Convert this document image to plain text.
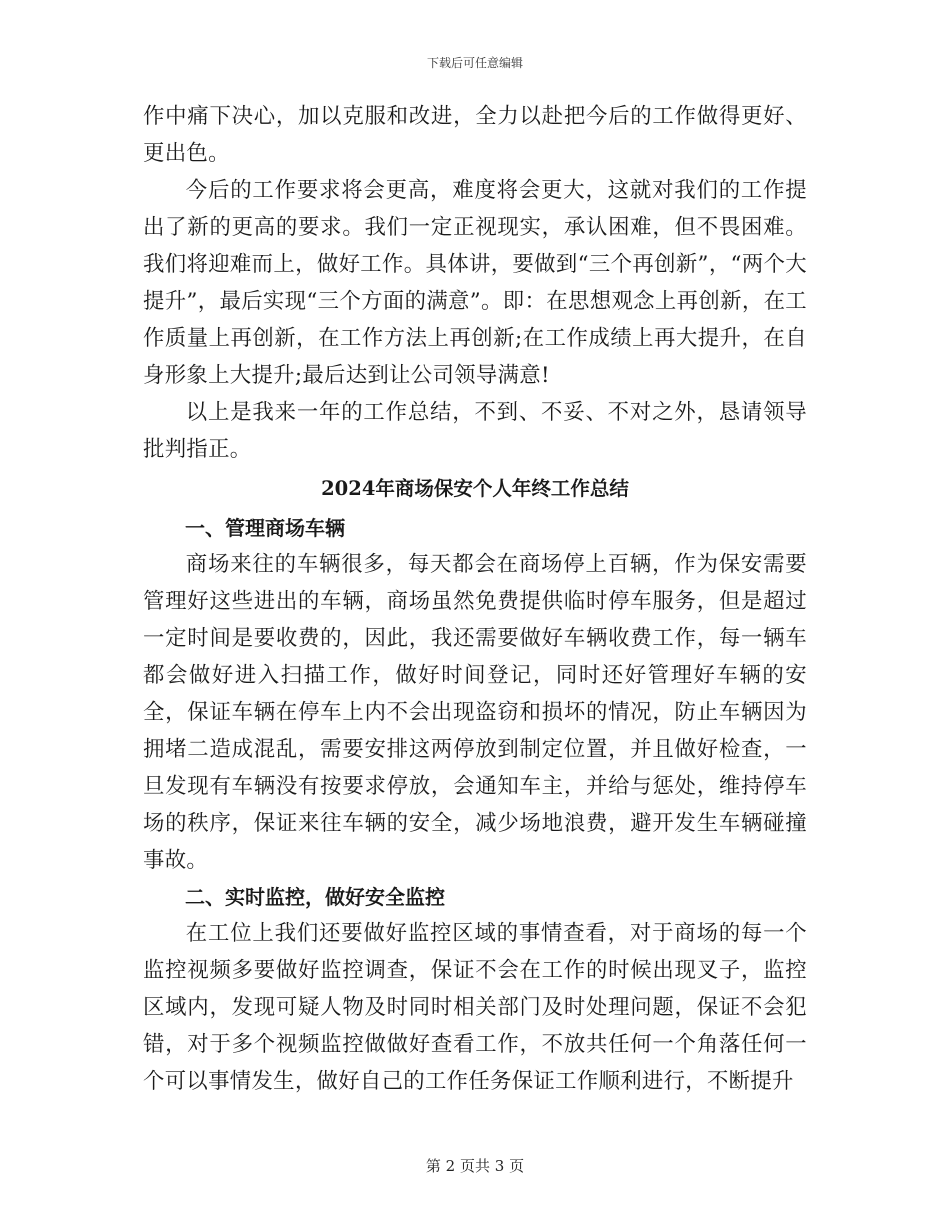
下载后可任意编辑

作中痛下决心，加以克服和改进，全力以赴把今后的工作做得更好、更出色。

今后的工作要求将会更高，难度将会更大，这就对我们的工作提出了新的更高的要求。我们一定正视现实，承认困难，但不畏困难。我们将迎难而上，做好工作。具体讲，要做到“三个再创新”，“两个大提升”，最后实现“三个方面的满意”。即：在思想观念上再创新，在工作质量上再创新，在工作方法上再创新;在工作成绩上再大提升，在自身形象上大提升;最后达到让公司领导满意!

以上是我来一年的工作总结，不到、不妥、不对之外，恳请领导批判指正。

2024年商场保安个人年终工作总结

一、管理商场车辆

商场来往的车辆很多，每天都会在商场停上百辆，作为保安需要管理好这些进出的车辆，商场虽然免费提供临时停车服务，但是超过一定时间是要收费的，因此，我还需要做好车辆收费工作，每一辆车都会做好进入扫描工作，做好时间登记，同时还好管理好车辆的安全，保证车辆在停车上内不会出现盗窃和损坏的情况，防止车辆因为拥堵二造成混乱，需要安排这两停放到制定位置，并且做好检查，一旦发现有车辆没有按要求停放，会通知车主，并给与惩处，维持停车场的秩序，保证来往车辆的安全，减少场地浪费，避开发生车辆碰撞事故。

二、实时监控，做好安全监控

在工位上我们还要做好监控区域的事情查看，对于商场的每一个监控视频多要做好监控调查，保证不会在工作的时候出现叉子，监控区域内，发现可疑人物及时同时相关部门及时处理问题，保证不会犯错，对于多个视频监控做做好查看工作，不放共任何一个角落任何一个可以事情发生，做好自己的工作任务保证工作顺利进行，不断提升

第 2 页共 3 页
